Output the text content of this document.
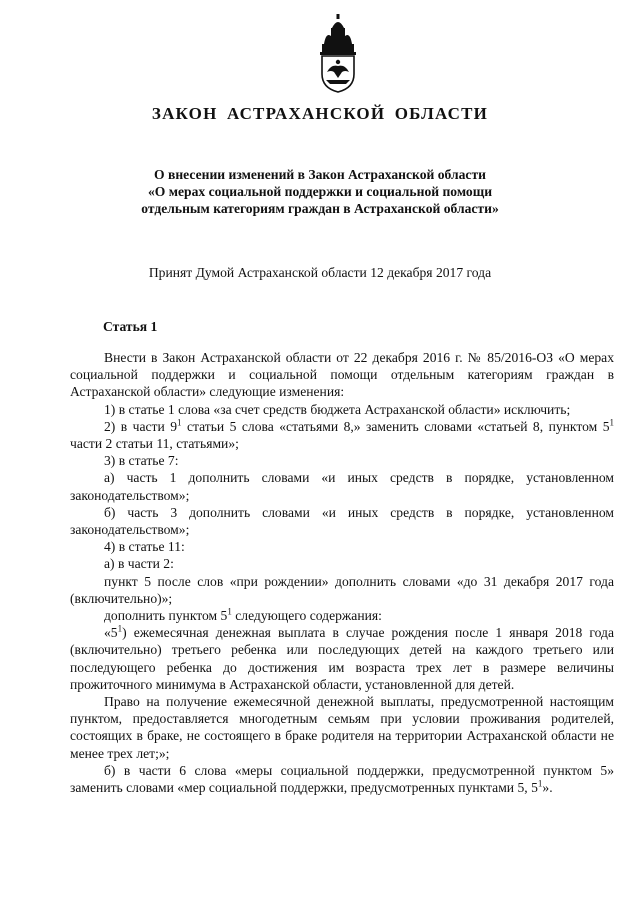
ЗАКОН АСТРАХАНСКОЙ ОБЛАСТИ
О внесении изменений в Закон Астраханской области
«О мерах социальной поддержки и социальной помощи
отдельным категориям граждан в Астраханской области»
Принят Думой Астраханской области 12 декабря 2017 года
Статья 1

Внести в Закон Астраханской области от 22 декабря 2016 г. № 85/2016-ОЗ «О мерах социальной поддержки и социальной помощи отдельным категориям граждан в Астраханской области» следующие изменения:

1) в статье 1 слова «за счет средств бюджета Астраханской области» исключить;

2) в части $9^1$ статьи 5 слова «статьями 8,» заменить словами «статьей 8, пунктом $5^1$ части 2 статьи 11, статьями»;

3) в статье 7:

а) часть 1 дополнить словами «и иных средств в порядке, установленном законодательством»;

б) часть 3 дополнить словами «и иных средств в порядке, установленном законодательством»;

4) в статье 11:

а) в части 2:

пункт 5 после слов «при рождении» дополнить словами «до 31 декабря 2017 года (включительно)»;

дополнить пунктом $5^1$ следующего содержания:

«$5^1$) ежемесячная денежная выплата в случае рождения после 1 января 2018 года (включительно) третьего ребенка или последующих детей на каждого третьего или последующего ребенка до достижения им возраста трех лет в размере величины прожиточного минимума в Астраханской области, установленной для детей.

Право на получение ежемесячной денежной выплаты, предусмотренной настоящим пунктом, предоставляется многодетным семьям при условии проживания родителей, состоящих в браке, не состоящего в браке родителя на территории Астраханской области не менее трех лет;»;

б) в части 6 слова «меры социальной поддержки, предусмотренной пунктом 5» заменить словами «мер социальной поддержки, предусмотренных пунктами 5, $5^1$».
